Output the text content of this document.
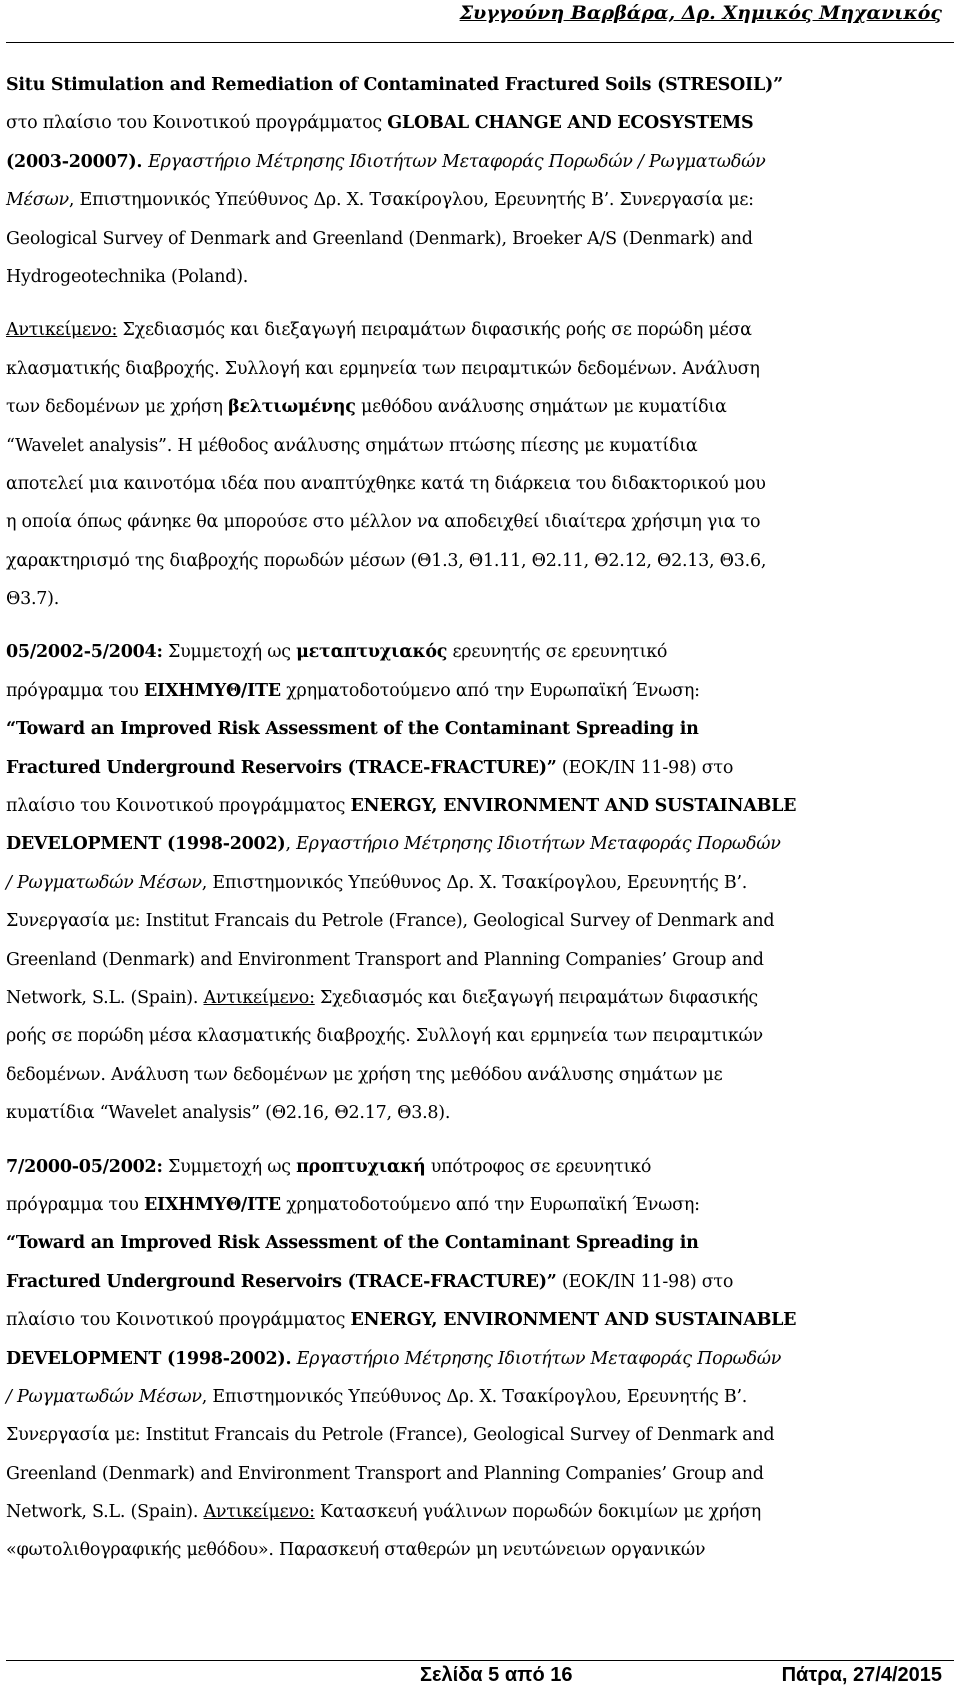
Συγγούνη Βαρβάρα, Δρ. Χημικός Μηχανικός
Situ Stimulation and Remediation of Contaminated Fractured Soils (STRESOIL)”
στο πλαίσιο του Κοινοτικού προγράμματος GLOBAL CHANGE AND ECOSYSTEMS
(2003-20007). Εργαστήριο Μέτρησης Ιδιοτήτων Μεταφοράς Πορωδών / Ρωγματωδών
Μέσων, Επιστημονικός Υπεύθυνος Δρ. Χ. Τσακίρογλου, Ερευνητής Β’. Συνεργασία με:
Geological Survey of Denmark and Greenland (Denmark), Broeker A/S (Denmark) and
Hydrogeotechnika (Poland).
Αντικείμενο: Σχεδιασμός και διεξαγωγή πειραμάτων διφασικής ροής σε πορώδη μέσα
κλασματικής διαβροχής. Συλλογή και ερμηνεία των πειραμτικών δεδομένων. Ανάλυση
των δεδομένων με χρήση βελτιωμένης μεθόδου ανάλυσης σημάτων με κυματίδια
“Wavelet analysis”. Η μέθοδος ανάλυσης σημάτων πτώσης πίεσης με κυματίδια
αποτελεί μια καινοτόμα ιδέα που αναπτύχθηκε κατά τη διάρκεια του διδακτορικού μου
η οποία όπως φάνηκε θα μπορούσε στο μέλλον να αποδειχθεί ιδιαίτερα χρήσιμη για το
χαρακτηρισμό της διαβροχής πορωδών μέσων (Θ1.3, Θ1.11, Θ2.11, Θ2.12, Θ2.13, Θ3.6,
Θ3.7).
05/2002-5/2004: Συμμετοχή ως μεταπτυχιακός ερευνητής σε ερευνητικό
πρόγραμμα του ΕΙΧΗΜΥΘ/ΙΤΕ χρηματοδοτούμενο από την Ευρωπαϊκή Ένωση:
“Toward an Improved Risk Assessment of the Contaminant Spreading in
Fractured Underground Reservoirs (TRACE-FRACTURE)” (ΕΟΚ/IN 11-98) στο
πλαίσιο του Κοινοτικού προγράμματος ENERGY, ENVIRONMENT AND SUSTAINABLE
DEVELOPMENT (1998-2002), Εργαστήριο Μέτρησης Ιδιοτήτων Μεταφοράς Πορωδών
/ Ρωγματωδών Μέσων, Επιστημονικός Υπεύθυνος Δρ. Χ. Τσακίρογλου, Ερευνητής Β’.
Συνεργασία με: Institut Francais du Petrole (France), Geological Survey of Denmark and
Greenland (Denmark) and Environment Transport and Planning Companies’ Group and
Network, S.L. (Spain). Αντικείμενο: Σχεδιασμός και διεξαγωγή πειραμάτων διφασικής
ροής σε πορώδη μέσα κλασματικής διαβροχής. Συλλογή και ερμηνεία των πειραμτικών
δεδομένων. Ανάλυση των δεδομένων με χρήση της μεθόδου ανάλυσης σημάτων με
κυματίδια “Wavelet analysis” (Θ2.16, Θ2.17, Θ3.8).
7/2000-05/2002: Συμμετοχή ως προπτυχιακή υπότροφος σε ερευνητικό
πρόγραμμα του ΕΙΧΗΜΥΘ/ΙΤΕ χρηματοδοτούμενο από την Ευρωπαϊκή Ένωση:
“Toward an Improved Risk Assessment of the Contaminant Spreading in
Fractured Underground Reservoirs (TRACE-FRACTURE)” (ΕΟΚ/IN 11-98) στο
πλαίσιο του Κοινοτικού προγράμματος ENERGY, ENVIRONMENT AND SUSTAINABLE
DEVELOPMENT (1998-2002). Εργαστήριο Μέτρησης Ιδιοτήτων Μεταφοράς Πορωδών
/ Ρωγματωδών Μέσων, Επιστημονικός Υπεύθυνος Δρ. Χ. Τσακίρογλου, Ερευνητής Β’.
Συνεργασία με: Institut Francais du Petrole (France), Geological Survey of Denmark and
Greenland (Denmark) and Environment Transport and Planning Companies’ Group and
Network, S.L. (Spain). Αντικείμενο: Κατασκευή γυάλινων πορωδών δοκιμίων με χρήση
«φωτολιθογραφικής μεθόδου». Παρασκευή σταθερών μη νευτώνειων οργανικών
Σελίδα 5 από 16	Πάτρα, 27/4/2015
